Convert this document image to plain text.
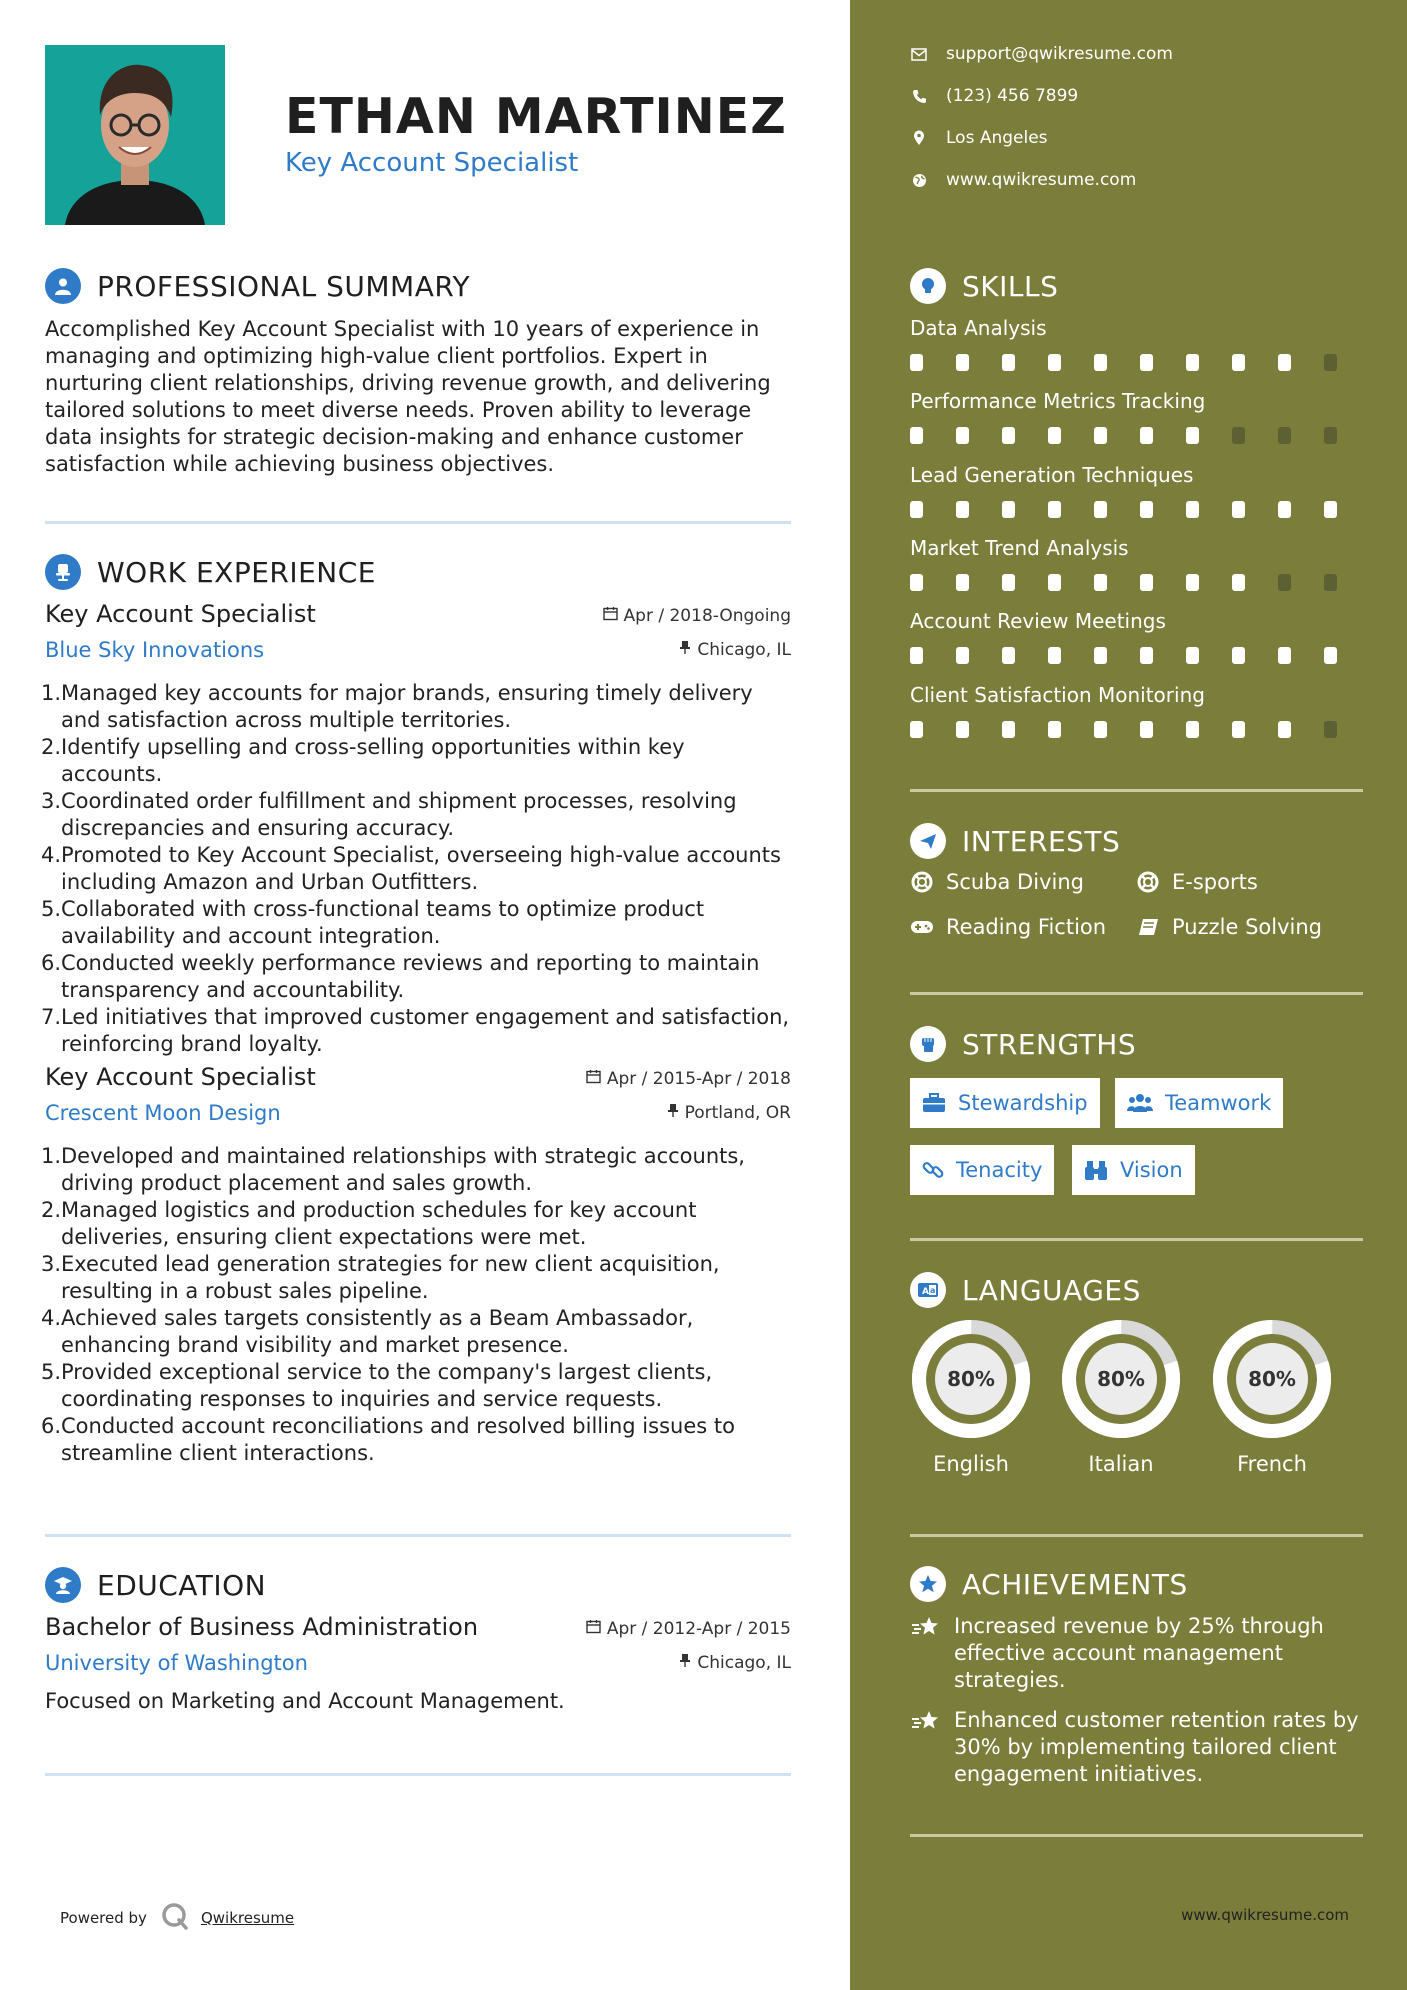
ETHAN MARTINEZ
Key Account Specialist
PROFESSIONAL SUMMARY
Accomplished Key Account Specialist with 10 years of experience in managing and optimizing high-value client portfolios. Expert in nurturing client relationships, driving revenue growth, and delivering tailored solutions to meet diverse needs. Proven ability to leverage data insights for strategic decision-making and enhance customer satisfaction while achieving business objectives.
WORK EXPERIENCE
Key Account Specialist
Blue Sky Innovations
Apr / 2018-Ongoing
Chicago, IL
1. Managed key accounts for major brands, ensuring timely delivery and satisfaction across multiple territories.
2. Identify upselling and cross-selling opportunities within key accounts.
3. Coordinated order fulfillment and shipment processes, resolving discrepancies and ensuring accuracy.
4. Promoted to Key Account Specialist, overseeing high-value accounts including Amazon and Urban Outfitters.
5. Collaborated with cross-functional teams to optimize product availability and account integration.
6. Conducted weekly performance reviews and reporting to maintain transparency and accountability.
7. Led initiatives that improved customer engagement and satisfaction, reinforcing brand loyalty.
Key Account Specialist
Crescent Moon Design
Apr / 2015-Apr / 2018
Portland, OR
1. Developed and maintained relationships with strategic accounts, driving product placement and sales growth.
2. Managed logistics and production schedules for key account deliveries, ensuring client expectations were met.
3. Executed lead generation strategies for new client acquisition, resulting in a robust sales pipeline.
4. Achieved sales targets consistently as a Beam Ambassador, enhancing brand visibility and market presence.
5. Provided exceptional service to the company's largest clients, coordinating responses to inquiries and service requests.
6. Conducted account reconciliations and resolved billing issues to streamline client interactions.
EDUCATION
Bachelor of Business Administration
University of Washington
Apr / 2012-Apr / 2015
Chicago, IL
Focused on Marketing and Account Management.
Powered by	Qwikresume
support@qwikresume.com
(123) 456 7899
Los Angeles
www.qwikresume.com
SKILLS
Data Analysis
Performance Metrics Tracking
Lead Generation Techniques
Market Trend Analysis
Account Review Meetings
Client Satisfaction Monitoring
INTERESTS
Scuba Diving	E-sports
Reading Fiction	Puzzle Solving
STRENGTHS
Stewardship	Teamwork
Tenacity	Vision
A a LANGUAGES
80%
English
80%
Italian
80%
French
ACHIEVEMENTS
Increased revenue by 25% through effective account management strategies.
Enhanced customer retention rates by 30% by implementing tailored client engagement initiatives.
www.qwikresume.com
